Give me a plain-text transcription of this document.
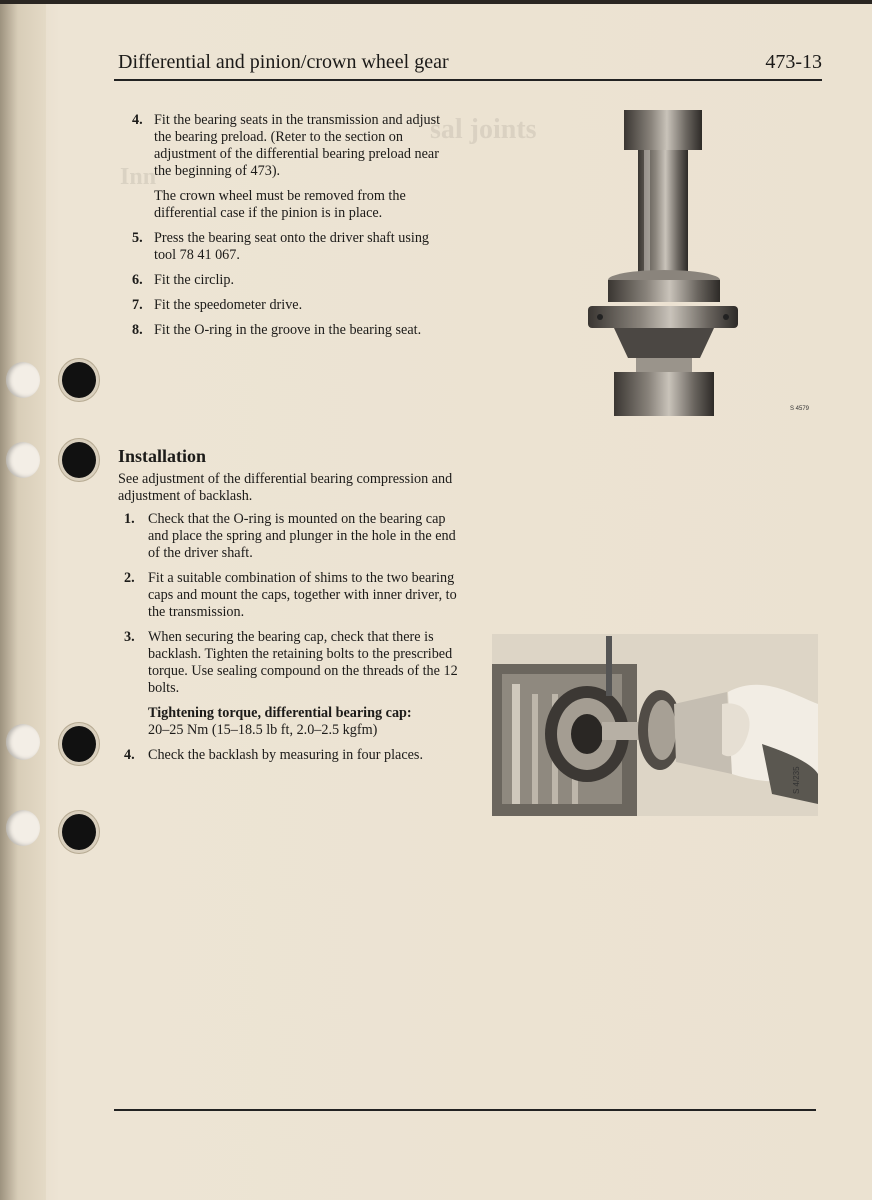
sal joints
Inn
Differential and pinion/crown wheel gear	473-13
4. Fit the bearing seats in the transmission and adjust the bearing preload. (Reter to the section on adjustment of the differential bearing preload near the beginning of 473).
The crown wheel must be removed from the differential case if the pinion is in place.
5. Press the bearing seat onto the driver shaft using tool 78 41 067.
6. Fit the circlip.
7. Fit the speedometer drive.
8. Fit the O-ring in the groove in the bearing seat.
Installation
See adjustment of the differential bearing compression and adjustment of backlash.
1. Check that the O-ring is mounted on the bearing cap and place the spring and plunger in the hole in the end of the driver shaft.
2. Fit a suitable combination of shims to the two bearing caps and mount the caps, together with inner driver, to the transmission.
3. When securing the bearing cap, check that there is backlash. Tighten the retaining bolts to the prescribed torque. Use sealing compound on the threads of the 12 bolts.
Tightening torque, differential bearing cap:
20–25 Nm (15–18.5 lb ft, 2.0–2.5 kgfm)
4. Check the backlash by measuring in four places.
S 4579
S 4/235
